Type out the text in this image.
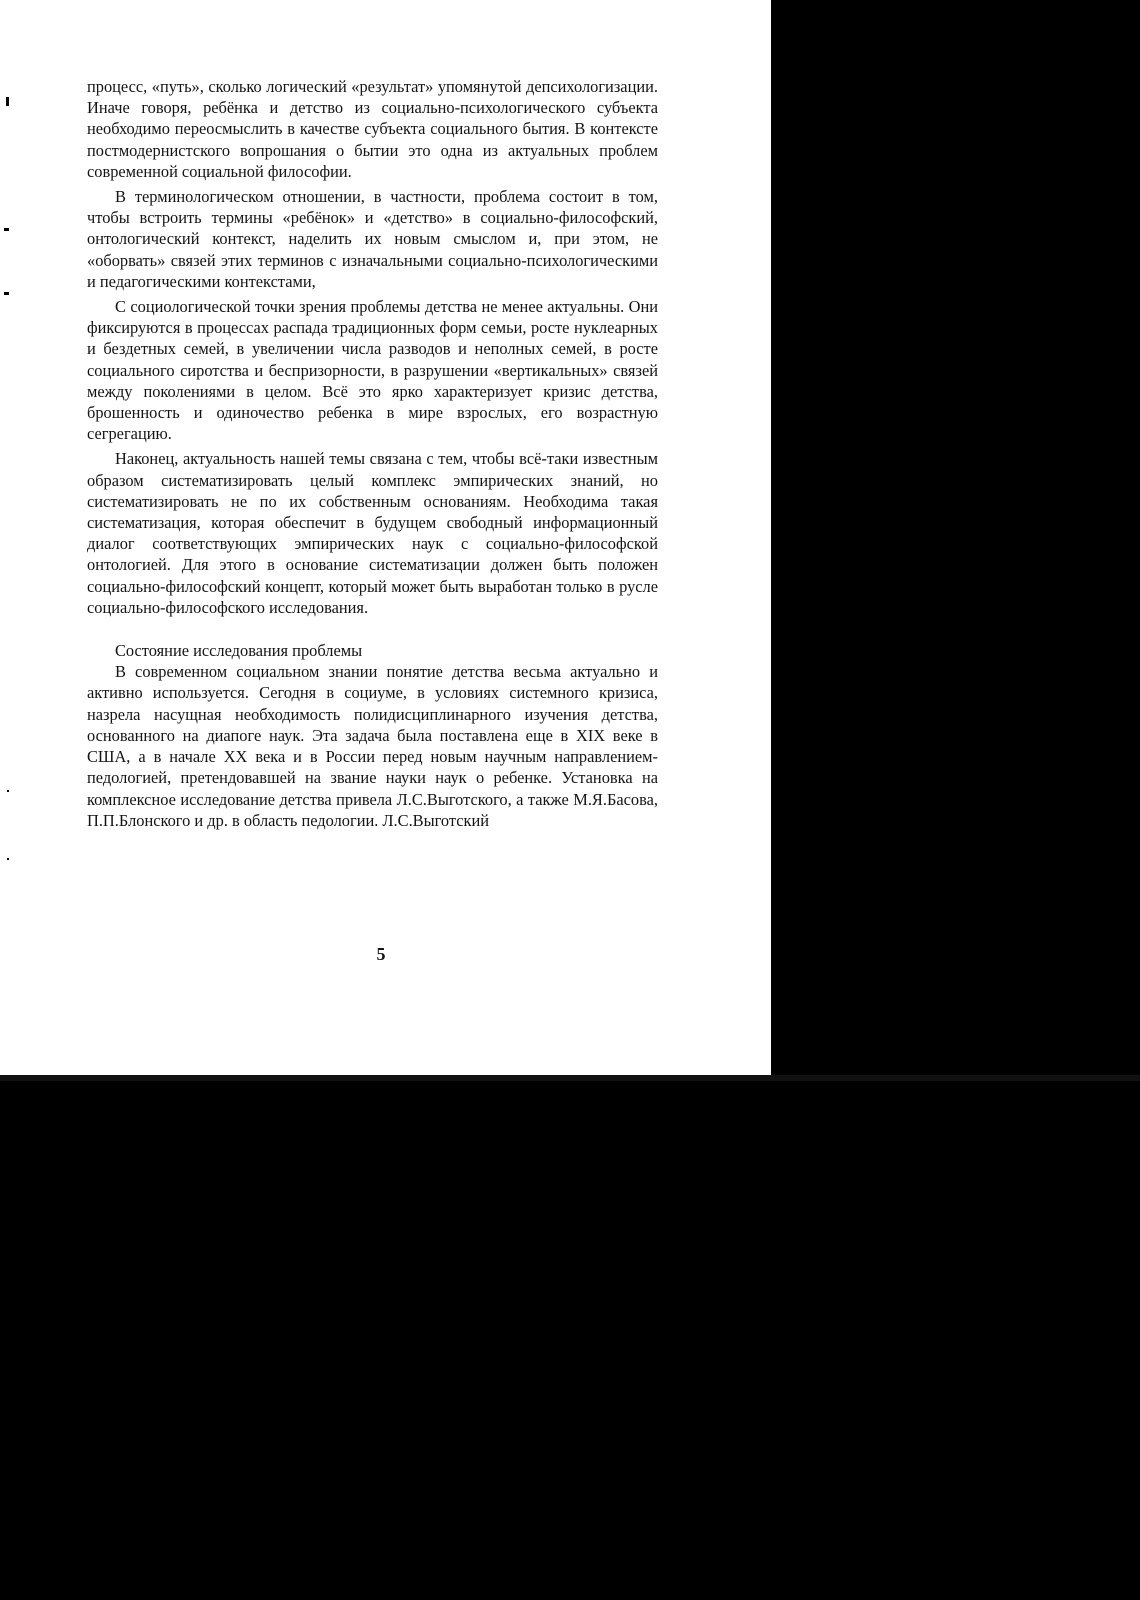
процесс, «путь», сколько логический «результат» упомянутой депсихологизации. Иначе говоря, ребёнка и детство из социально-психологического субъекта необходимо переосмыслить в качестве субъекта социального бытия. В контексте постмодернистского вопрошания о бытии это одна из актуальных проблем современной социальной философии.

В терминологическом отношении, в частности, проблема состоит в том, чтобы встроить термины «ребёнок» и «детство» в социально-философский, онтологический контекст, наделить их новым смыслом и, при этом, не «оборвать» связей этих терминов с изначальными социально-психологическими и педагогическими контекстами,

С социологической точки зрения проблемы детства не менее актуальны. Они фиксируются в процессах распада традиционных форм семьи, росте нуклеарных и бездетных семей, в увеличении числа разводов и неполных семей, в росте социального сиротства и беспризорности, в разрушении «вертикальных» связей между поколениями в целом. Всё это ярко характеризует кризис детства, брошенность и одиночество ребенка в мире взрослых, его возрастную сегрегацию.

Наконец, актуальность нашей темы связана с тем, чтобы всё-таки известным образом систематизировать целый комплекс эмпирических знаний, но систематизировать не по их собственным основаниям. Необходима такая систематизация, которая обеспечит в будущем свободный информационный диалог соответствующих эмпирических наук с социально-философской онтологией. Для этого в основание систематизации должен быть положен социально-философский концепт, который может быть выработан только в русле социально-философского исследования.

Состояние исследования проблемы

В современном социальном знании понятие детства весьма актуально и активно используется. Сегодня в социуме, в условиях системного кризиса, назрела насущная необходимость полидисциплинарного изучения детства, основанного на диапоге наук. Эта задача была поставлена еще в XIX веке в США, а в начале XX века и в России перед новым научным направлением-педологией, претендовавшей на звание науки наук о ребенке. Установка на комплексное исследование детства привела Л.С.Выготского, а также М.Я.Басова, П.П.Блонского и др. в область педологии. Л.С.Выготский

5
